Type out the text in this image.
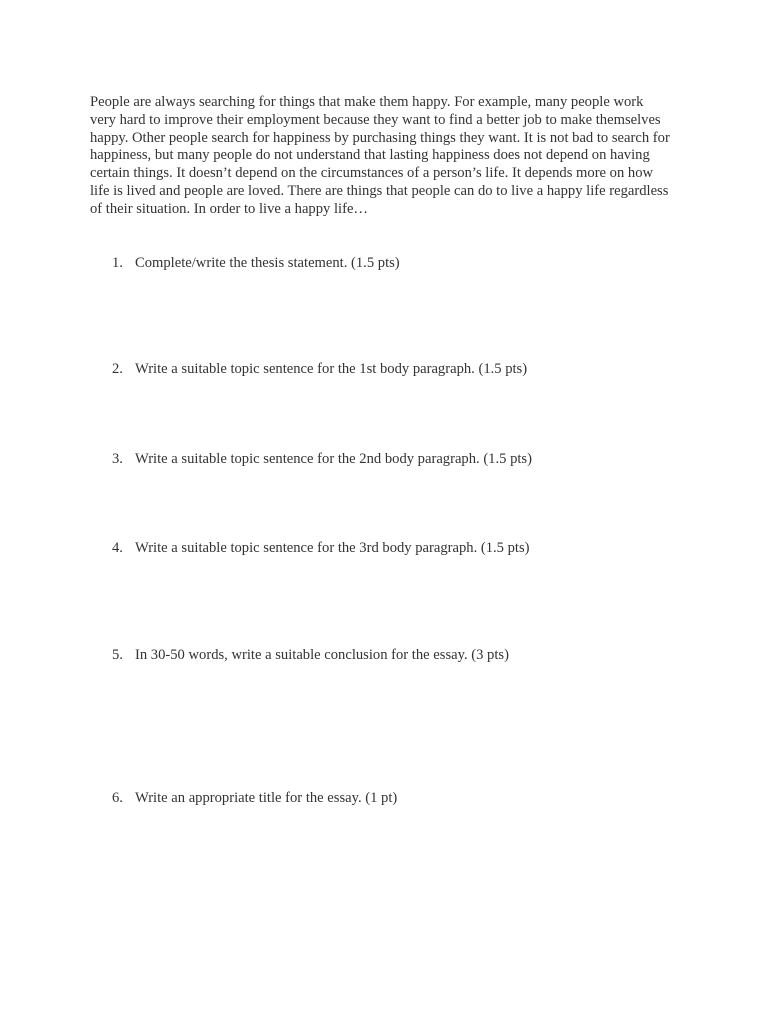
People are always searching for things that make them happy. For example, many people work very hard to improve their employment because they want to find a better job to make themselves happy. Other people search for happiness by purchasing things they want. It is not bad to search for happiness, but many people do not understand that lasting happiness does not depend on having certain things. It doesn’t depend on the circumstances of a person’s life. It depends more on how life is lived and people are loved. There are things that people can do to live a happy life regardless of their situation. In order to live a happy life…

1. Complete/write the thesis statement. (1.5 pts)
2. Write a suitable topic sentence for the 1st body paragraph. (1.5 pts)
3. Write a suitable topic sentence for the 2nd body paragraph. (1.5 pts)
4. Write a suitable topic sentence for the 3rd body paragraph. (1.5 pts)
5. In 30-50 words, write a suitable conclusion for the essay. (3 pts)
6. Write an appropriate title for the essay. (1 pt)
